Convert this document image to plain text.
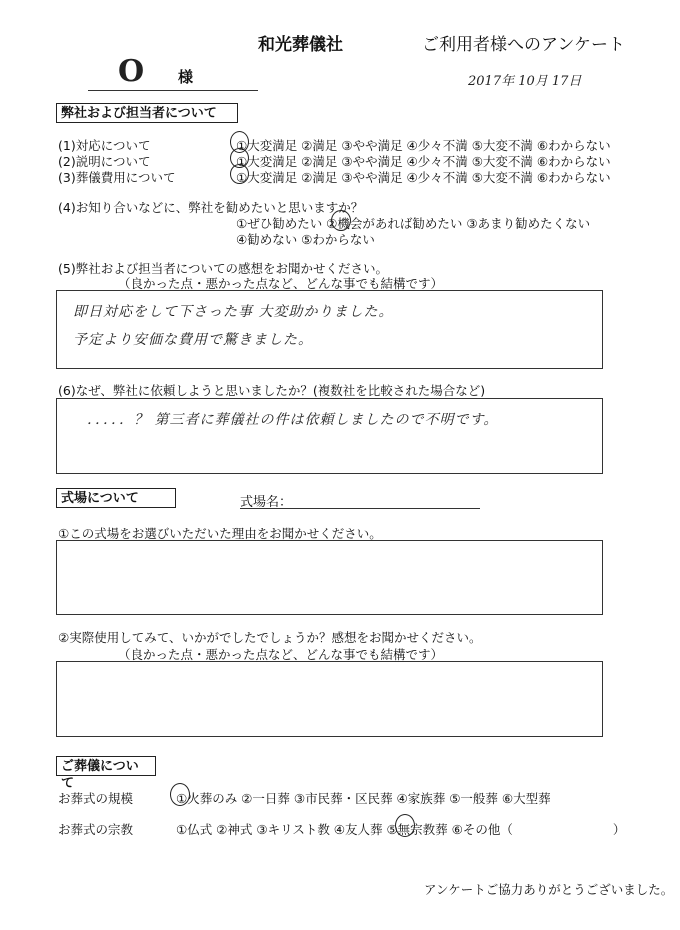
和光葬儀社	ご利用者様へのアンケート
O 様	2017年 10月 17日
弊社および担当者について
(1)対応について	①大変満足 ②満足 ③やや満足 ④少々不満 ⑤大変不満 ⑥わからない
(2)説明について	①大変満足 ②満足 ③やや満足 ④少々不満 ⑤大変不満 ⑥わからない
(3)葬儀費用について	①大変満足 ②満足 ③やや満足 ④少々不満 ⑤大変不満 ⑥わからない
(4)お知り合いなどに、弊社を勧めたいと思いますか？
①ぜひ勧めたい ②機会があれば勧めたい ③あまり勧めたくない
④勧めない ⑤わからない
(5)弊社および担当者についての感想をお聞かせください。
（良かった点・悪かった点など、どんな事でも結構です）
即日対応をして下さった事 大変助かりました。
予定より安価な費用で驚きました。
(6)なぜ、弊社に依頼しようと思いましたか？(複数社を比較された場合など)
．．．．．？ 第三者に葬儀社の件は依頼しましたので不明です。
式場について	式場名：
①この式場をお選びいただいた理由をお聞かせください。
②実際使用してみて、いかがでしたでしょうか？感想をお聞かせください。
（良かった点・悪かった点など、どんな事でも結構です）
ご葬儀について
お葬式の規模	①火葬のみ ②一日葬 ③市民葬・区民葬 ④家族葬 ⑤一般葬 ⑥大型葬
お葬式の宗教	①仏式 ②神式 ③キリスト教 ④友人葬 ⑤無宗教葬 ⑥その他（　　　　　　　　）
アンケートご協力ありがとうございました。
